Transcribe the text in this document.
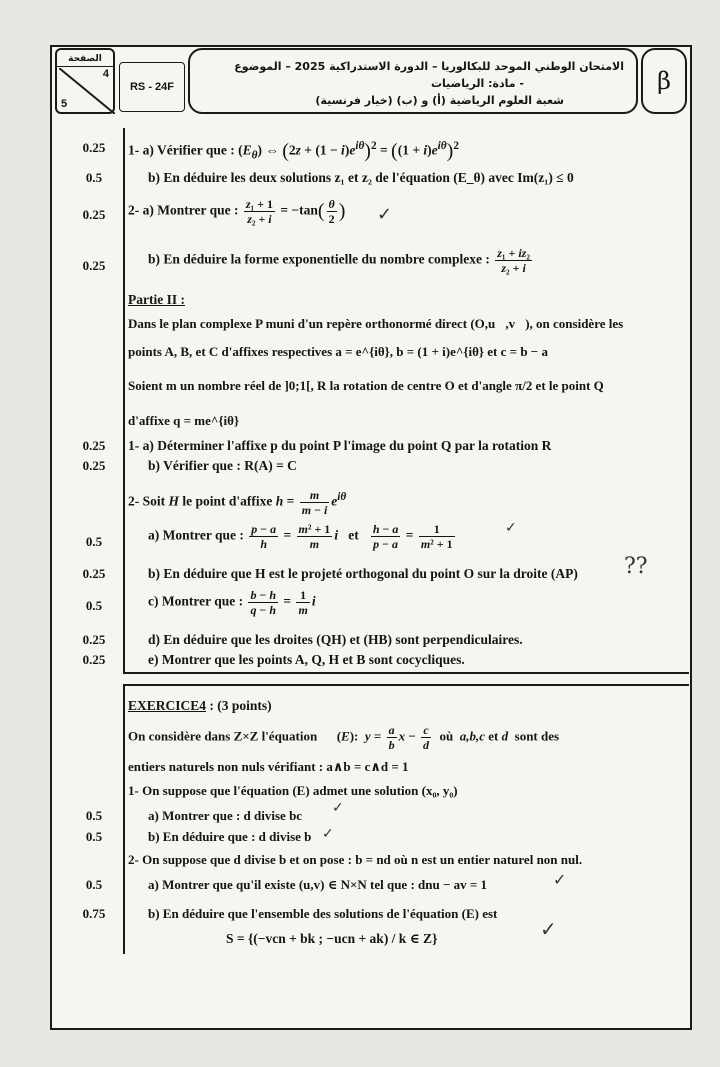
الصفحة
4
5
RS - 24F
الامتحان الوطني الموحد للبكالوريا – الدورة الاستدراكية 2025 – الموضوع
- مادة: الرياضيات
شعبة العلوم الرياضية (أ) و (ب) (خيار فرنسية)
β
0.25	1- a) Vérifier que : $(E_\theta)$ ⇔ $(2z + (1 - i)e^{i\theta})^2 = ((1 + i)e^{i\theta})^2$
0.5	b) En déduire les deux solutions z₁ et z₂ de l'équation (E_θ) avec Im(z₁) ≤ 0
0.25	2- a) Montrer que : $\frac{\text{z₁ + 1}}{\text{z₂ + i}} = -\tan( \frac{\theta}{2}$ ) ✓
0.25	b) En déduire la forme exponentielle du nombre complexe : $\frac{\text{z₁ + iz₂}}{\text{z₂ + i}}$
Partie II :
Dans le plan complexe P muni d'un repère orthonormé direct (O,u⃗,v⃗), on considère les
points A, B, et C d'affixes respectives a = e^{iθ}, b = (1 + i)e^{iθ} et c = b − a
Soient m un nombre réel de ]0;1[, R la rotation de centre O et d'angle π/2 et le point Q
d'affixe q = me^{iθ}
0.25	1- a) Déterminer l'affixe p du point P l'image du point Q par la rotation R
0.25	b) Vérifier que : R(A) = C
2- Soit H le point d'affixe $h = \frac{m}{m - i} e^{i\theta}$
0.5	a) Montrer que : $\frac{p - a}{h} = \frac{\text{m² + 1}}{m}$ i   et $\frac{h - a}{p - a} = \frac{1}{\text{m² + 1}}$	✓
0.25	b) En déduire que H est le projeté orthogonal du point O sur la droite (AP) ??
0.5	c) Montrer que : $\frac{b - h}{q - h} = \frac{1}{m}$ i
0.25	d) En déduire que les droites (QH) et (HB) sont perpendiculaires.
0.25	e) Montrer que les points A, Q, H et B sont cocycliques.
EXERCICE4 : (3 points)
On considère dans Z×Z l'équation      (E):  $y = \frac{a}{b}$ $x - \frac{c}{d}$ où  a,b,c et d  sont des
entiers naturels non nuls vérifiant : a∧b = c∧d = 1
1- On suppose que l'équation (E) admet une solution (x₀, y₀)
0.5	a) Montrer que : d divise bc ✓
0.5	b) En déduire que : d divise b ✓
2- On suppose que d divise b et on pose : b = nd où n est un entier naturel non nul.
0.5	a) Montrer que qu'il existe (u,v) ∈ N×N tel que : dnu − av = 1	✓
0.75	b) En déduire que l'ensemble des solutions de l'équation (E) est
S = {(−vcn + bk ; −ucn + ak) / k ∈ Z}	✓
